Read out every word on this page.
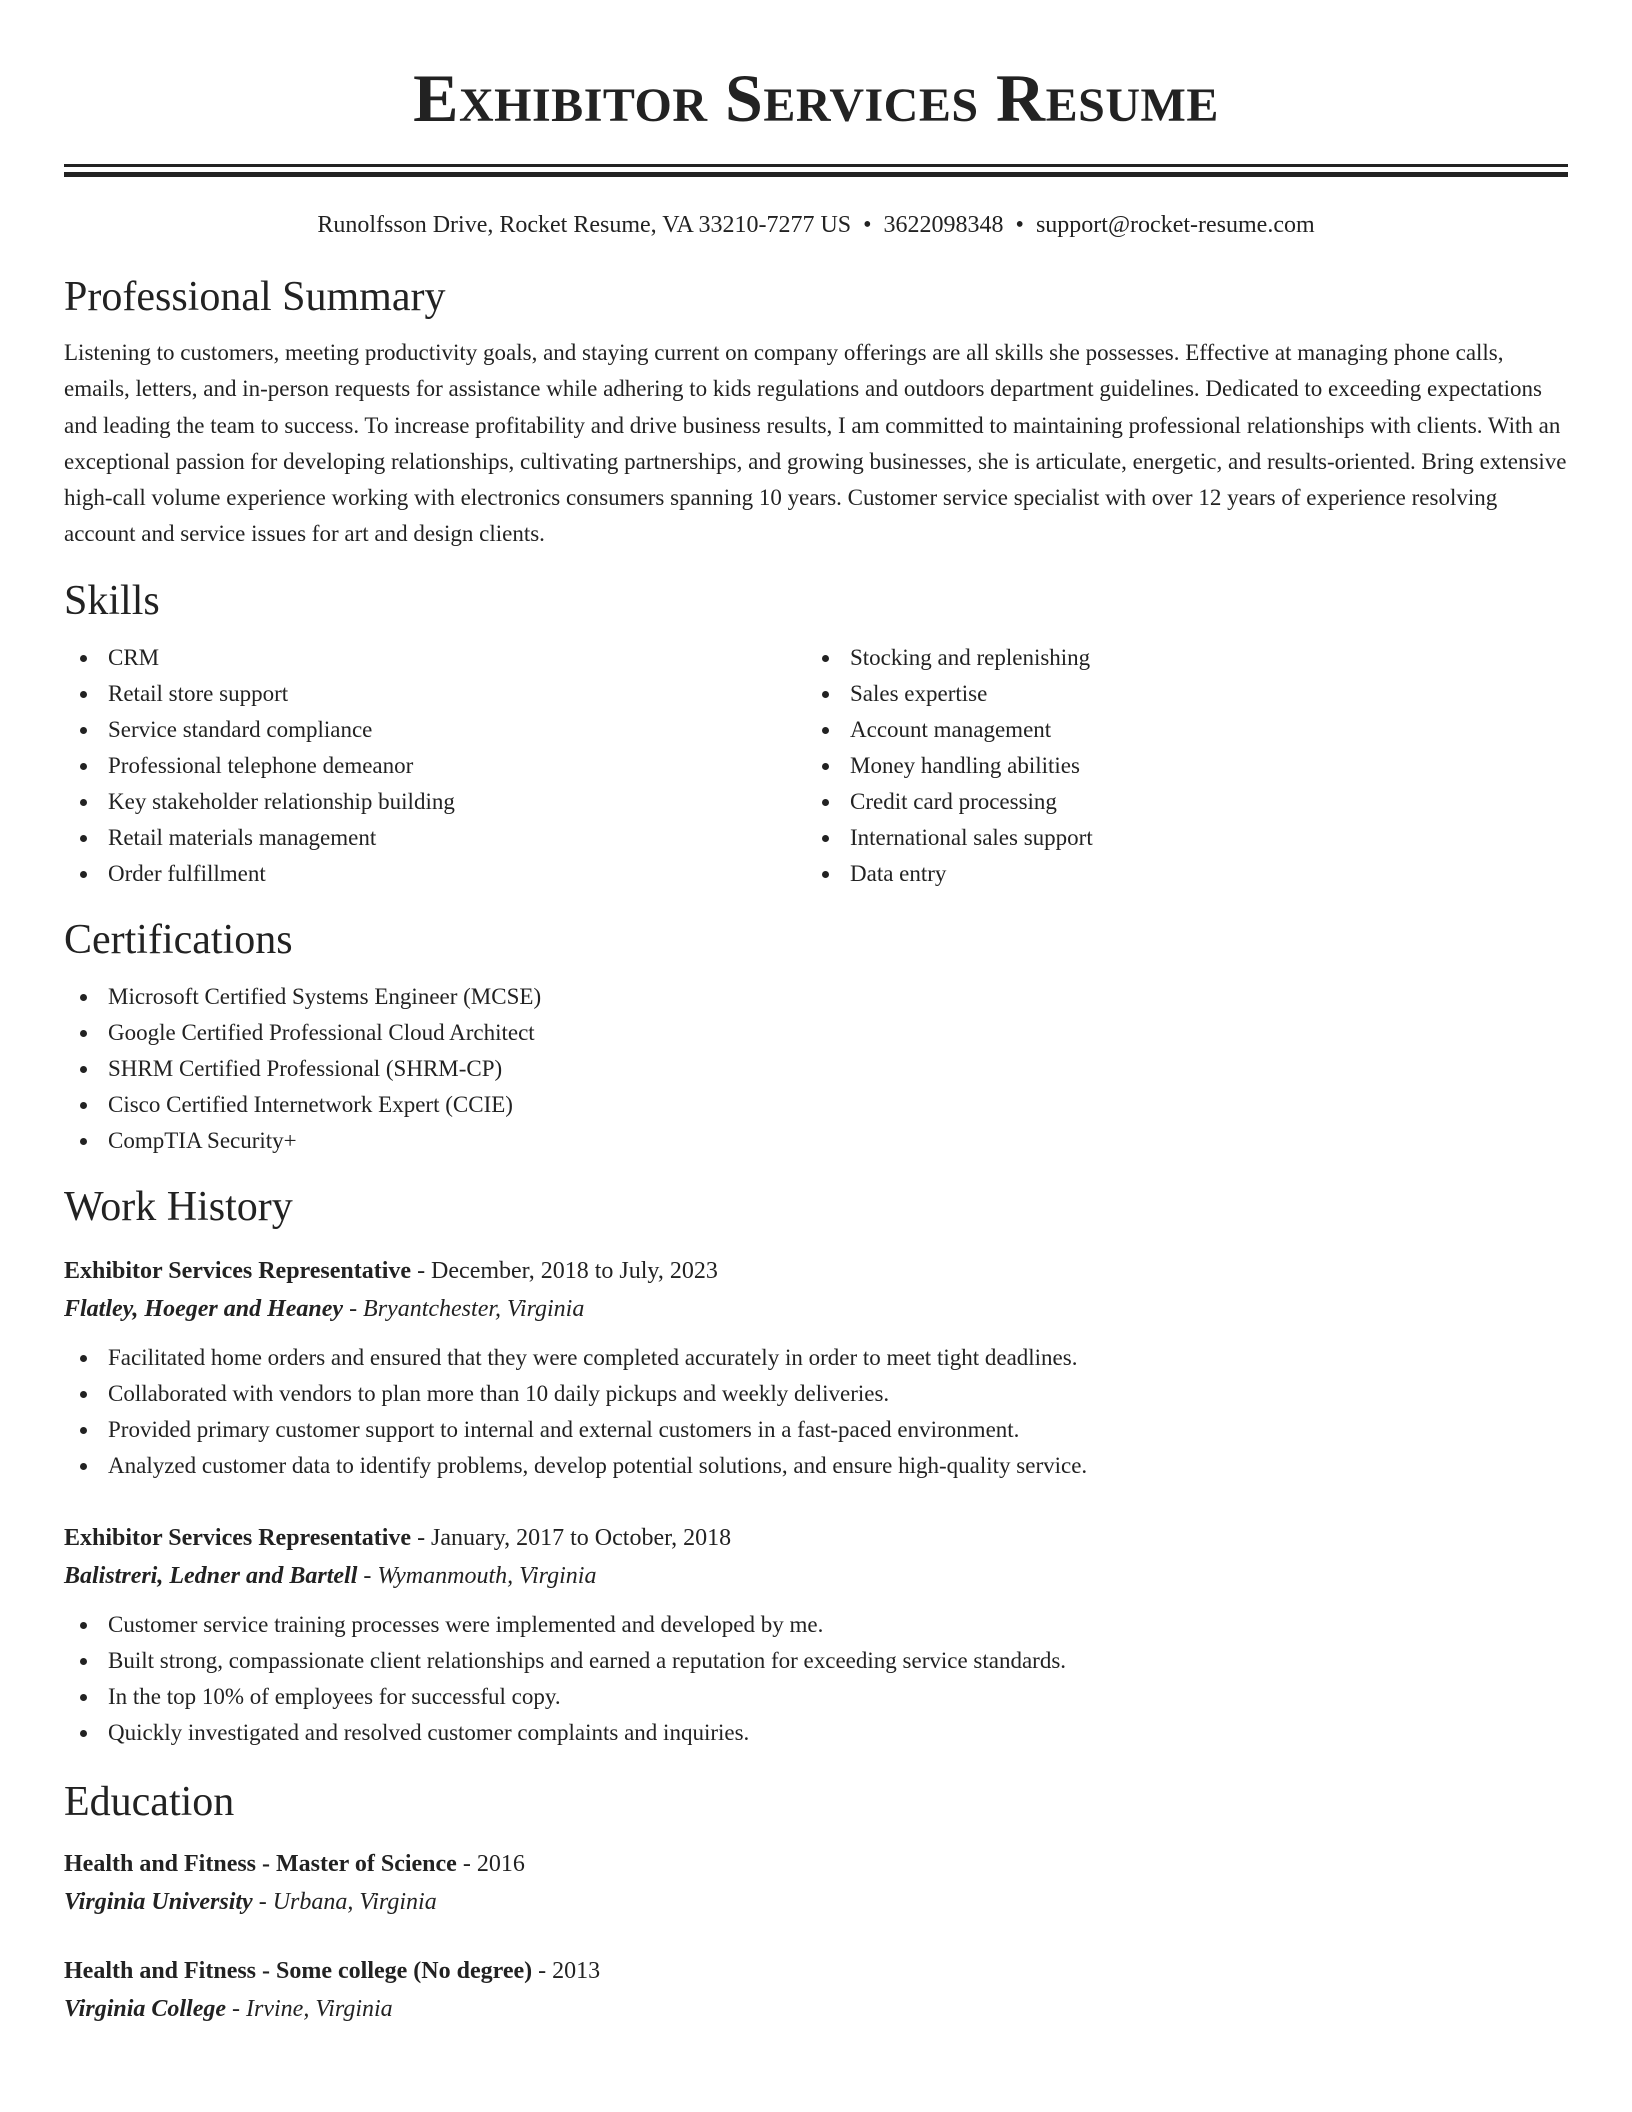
Exhibitor Services Resume
Runolfsson Drive, Rocket Resume, VA 33210-7277 US • 3622098348 • support@rocket-resume.com
Professional Summary
Listening to customers, meeting productivity goals, and staying current on company offerings are all skills she possesses. Effective at managing phone calls, emails, letters, and in-person requests for assistance while adhering to kids regulations and outdoors department guidelines. Dedicated to exceeding expectations and leading the team to success. To increase profitability and drive business results, I am committed to maintaining professional relationships with clients. With an exceptional passion for developing relationships, cultivating partnerships, and growing businesses, she is articulate, energetic, and results-oriented. Bring extensive high-call volume experience working with electronics consumers spanning 10 years. Customer service specialist with over 12 years of experience resolving account and service issues for art and design clients.
Skills
CRM
Retail store support
Service standard compliance
Professional telephone demeanor
Key stakeholder relationship building
Retail materials management
Order fulfillment
Stocking and replenishing
Sales expertise
Account management
Money handling abilities
Credit card processing
International sales support
Data entry
Certifications
Microsoft Certified Systems Engineer (MCSE)
Google Certified Professional Cloud Architect
SHRM Certified Professional (SHRM-CP)
Cisco Certified Internetwork Expert (CCIE)
CompTIA Security+
Work History
Exhibitor Services Representative - December, 2018 to July, 2023
Flatley, Hoeger and Heaney - Bryantchester, Virginia
Facilitated home orders and ensured that they were completed accurately in order to meet tight deadlines.
Collaborated with vendors to plan more than 10 daily pickups and weekly deliveries.
Provided primary customer support to internal and external customers in a fast-paced environment.
Analyzed customer data to identify problems, develop potential solutions, and ensure high-quality service.
Exhibitor Services Representative - January, 2017 to October, 2018
Balistreri, Ledner and Bartell - Wymanmouth, Virginia
Customer service training processes were implemented and developed by me.
Built strong, compassionate client relationships and earned a reputation for exceeding service standards.
In the top 10% of employees for successful copy.
Quickly investigated and resolved customer complaints and inquiries.
Education
Health and Fitness - Master of Science - 2016
Virginia University - Urbana, Virginia
Health and Fitness - Some college (No degree) - 2013
Virginia College - Irvine, Virginia
